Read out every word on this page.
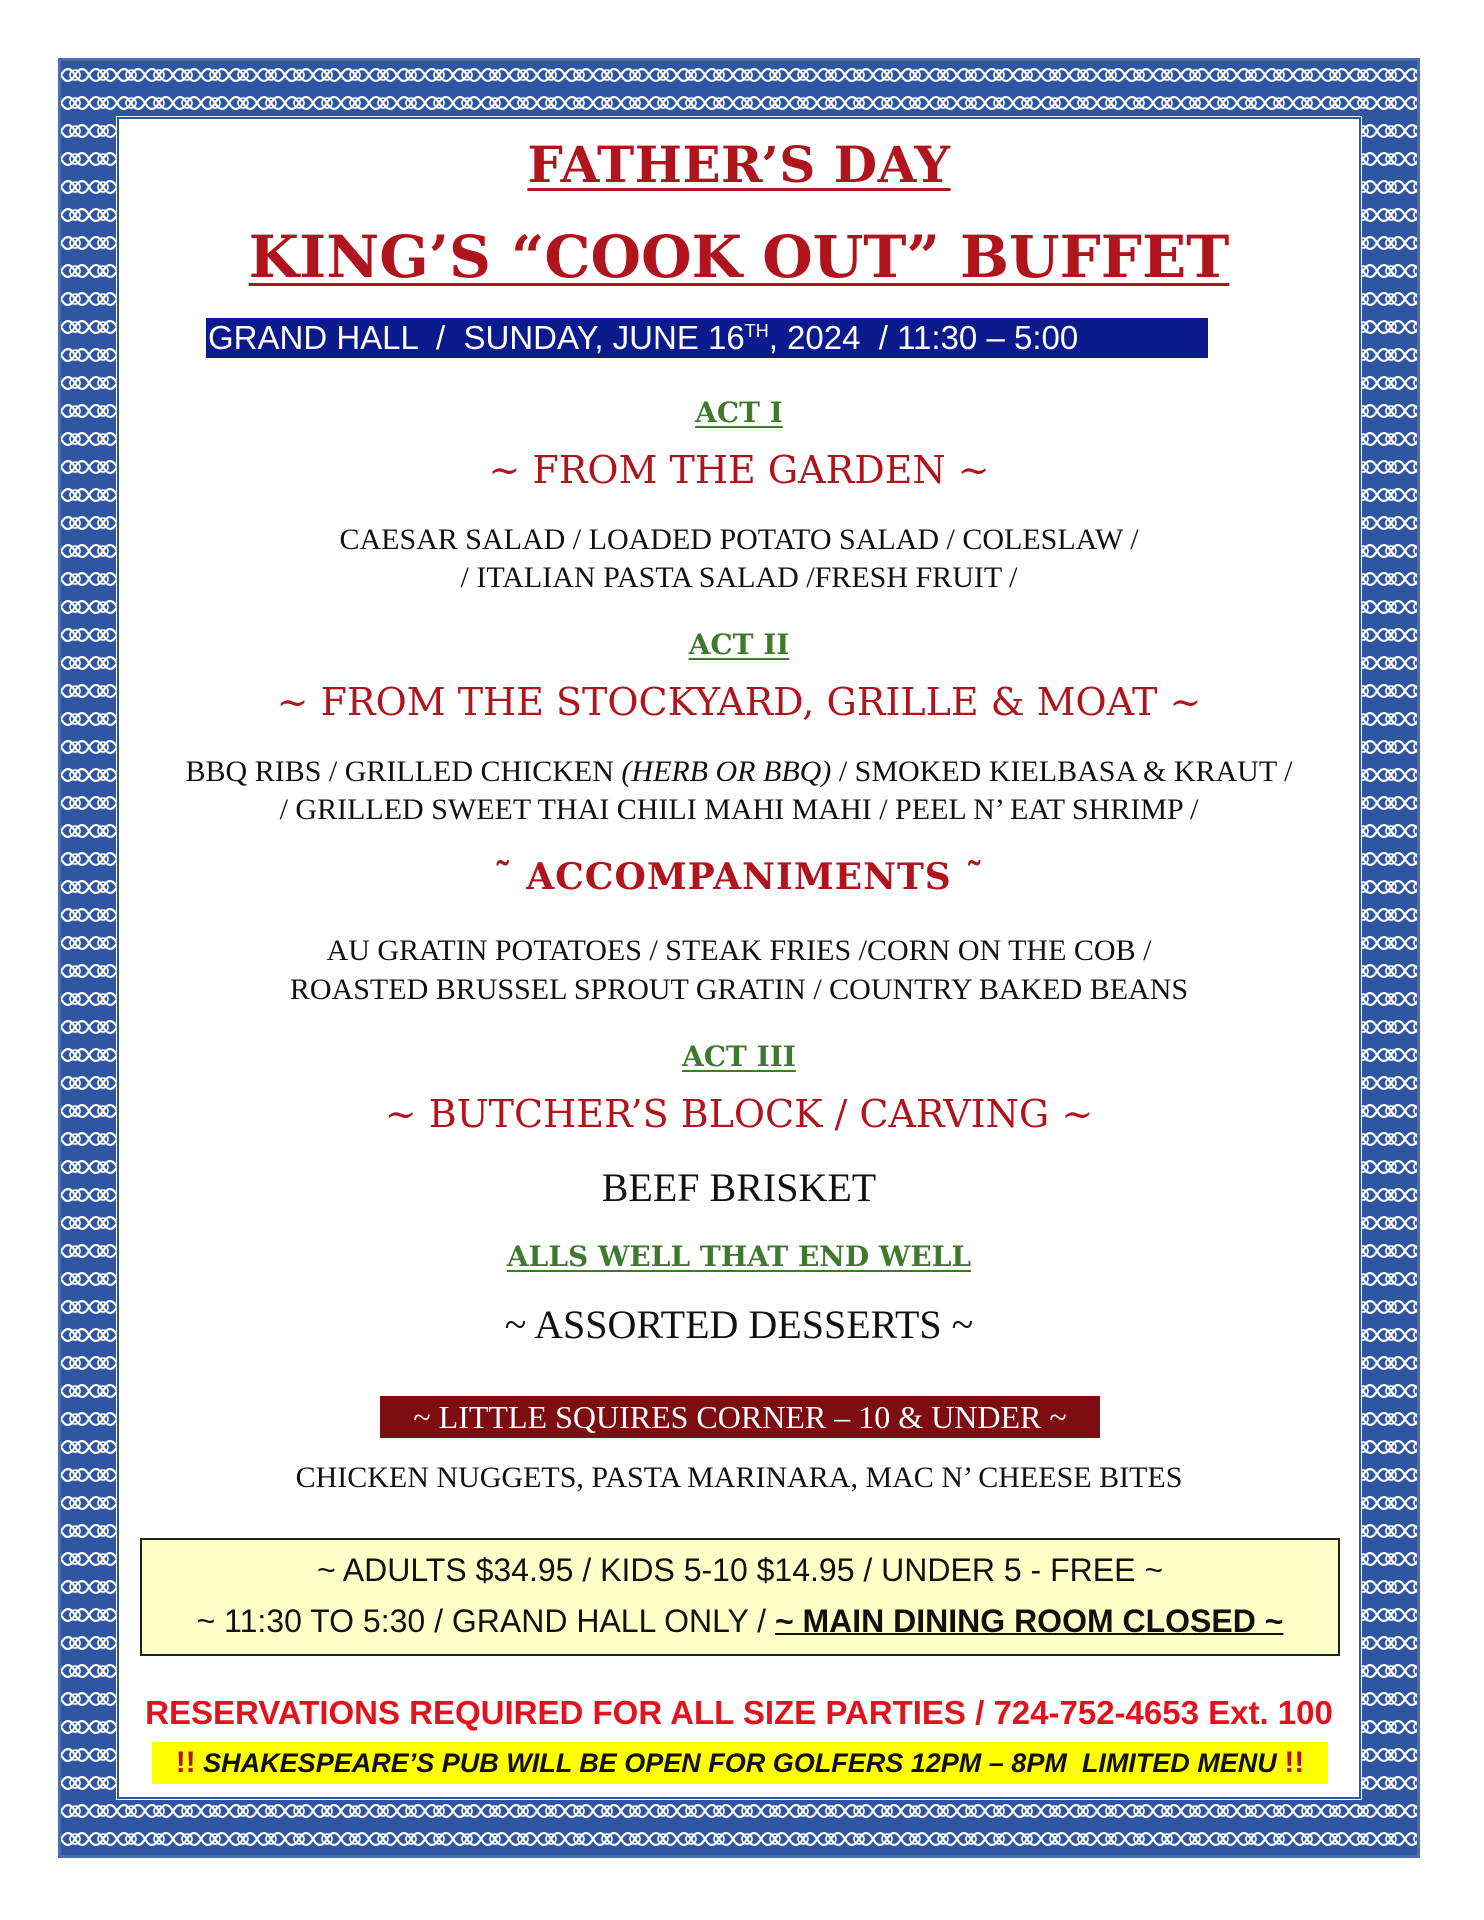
FATHER’S DAY
KING’S “COOK OUT” BUFFET
GRAND HALL  /  SUNDAY, JUNE 16TH, 2024  / 11:30 – 5:00
ACT I
~ FROM THE GARDEN ~
CAESAR SALAD / LOADED POTATO SALAD / COLESLAW /
/ ITALIAN PASTA SALAD /FRESH FRUIT /
ACT II
~ FROM THE STOCKYARD, GRILLE & MOAT ~
BBQ RIBS / GRILLED CHICKEN (HERB OR BBQ) / SMOKED KIELBASA & KRAUT /
/ GRILLED SWEET THAI CHILI MAHI MAHI / PEEL N’ EAT SHRIMP /
˜ ACCOMPANIMENTS ˜
AU GRATIN POTATOES / STEAK FRIES /CORN ON THE COB /
ROASTED BRUSSEL SPROUT GRATIN / COUNTRY BAKED BEANS
ACT III
~ BUTCHER’S BLOCK / CARVING ~
BEEF BRISKET
ALLS WELL THAT END WELL
~ ASSORTED DESSERTS ~
~ LITTLE SQUIRES CORNER – 10 & UNDER ~
CHICKEN NUGGETS, PASTA MARINARA, MAC N’ CHEESE BITES
~ ADULTS $34.95 / KIDS 5-10 $14.95 / UNDER 5 - FREE ~
~ 11:30 TO 5:30 / GRAND HALL ONLY / ~ MAIN DINING ROOM CLOSED ~
RESERVATIONS REQUIRED FOR ALL SIZE PARTIES / 724-752-4653 Ext. 100
!! SHAKESPEARE’S PUB WILL BE OPEN FOR GOLFERS 12PM – 8PM  LIMITED MENU !!
